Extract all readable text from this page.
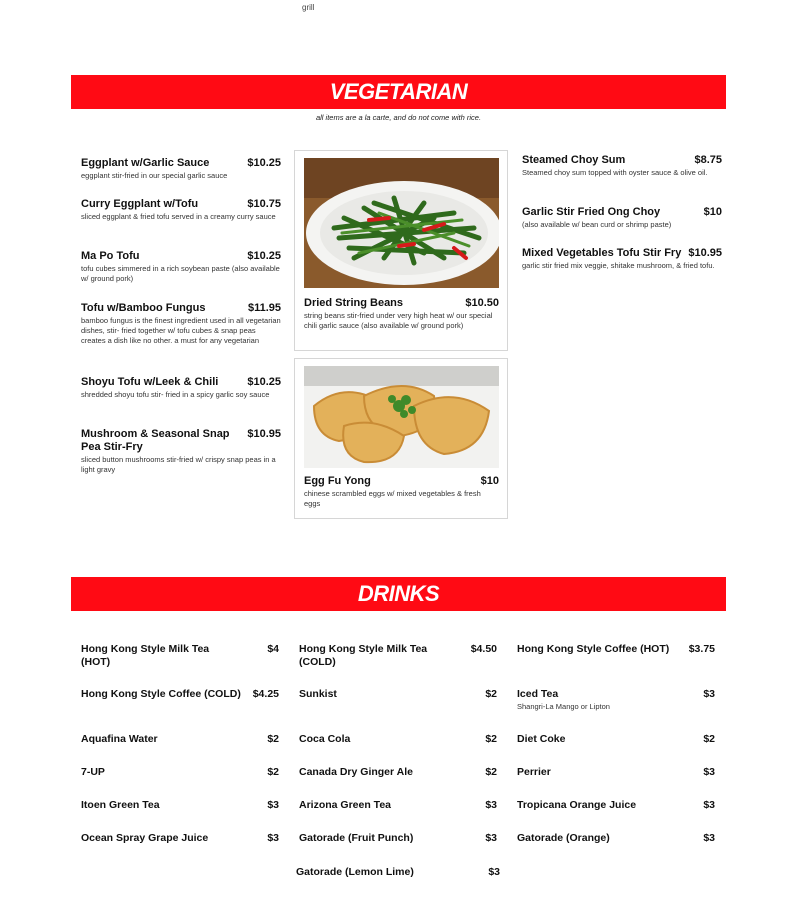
grill
VEGETARIAN
all items are a la carte, and do not come with rice.
Eggplant w/Garlic Sauce	$10.25
eggplant stir-fried in our special garlic sauce
Curry Eggplant w/Tofu	$10.75
sliced eggplant & fried tofu served in a creamy curry sauce
Ma Po Tofu	$10.25
tofu cubes simmered in a rich soybean paste (also available w/ ground pork)
Tofu w/Bamboo Fungus	$11.95
bamboo fungus is the finest ingredient used in all vegetarian dishes, stir- fried together w/ tofu cubes & snap peas creates a dish like no other. a must for any vegetarian
Shoyu Tofu w/Leek & Chili	$10.25
shredded shoyu tofu stir- fried in a spicy garlic soy sauce
Mushroom & Seasonal Snap Pea Stir-Fry
$10.95
sliced button mushrooms stir-fried w/ crispy snap peas in a light gravy
Dried String Beans	$10.50
string beans stir-fried under very high heat w/ our special chili garlic sauce (also available w/ ground pork)
Egg Fu Yong	$10
chinese scrambled eggs w/ mixed vegetables & fresh eggs
Steamed Choy Sum	$8.75
Steamed choy sum topped with oyster sauce & olive oil.
Garlic Stir Fried Ong Choy	$10
(also available w/ bean curd or shrimp paste)
Mixed Vegetables Tofu Stir Fry $10.95
garlic stir fried mix veggie, shitake mushroom, & fried tofu.
DRINKS
Hong Kong Style Milk Tea (HOT)
$4
Hong Kong Style Coffee (COLD) $4.25
Aquafina Water	$2
7-UP	$2
Itoen Green Tea	$3
Ocean Spray Grape Juice	$3
Hong Kong Style Milk Tea (COLD)
$4.50
Sunkist	$2
Coca Cola	$2
Canada Dry Ginger Ale	$2
Arizona Green Tea	$3
Gatorade (Fruit Punch)	$3
Gatorade (Lemon Lime)	$3
Hong Kong Style Coffee (HOT) $3.75
Iced Tea
Shangri-La Mango or Lipton
$3
Diet Coke	$2
Perrier	$3
Tropicana Orange Juice	$3
Gatorade (Orange)	$3
